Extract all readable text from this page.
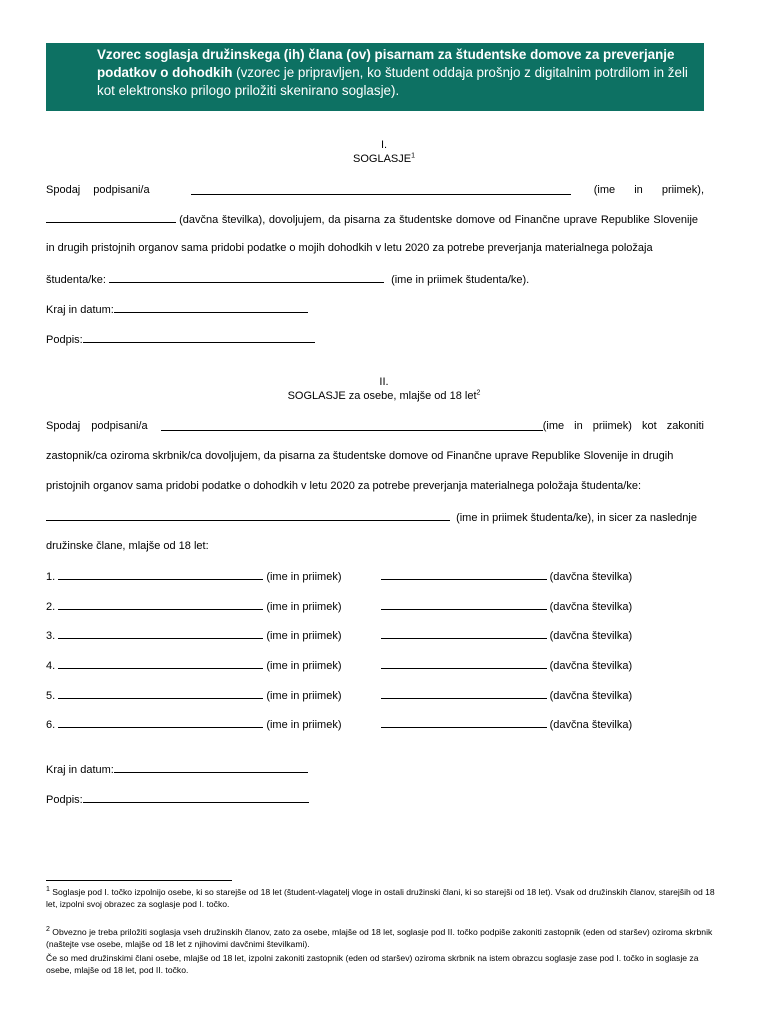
Vzorec soglasja družinskega (ih) člana (ov) pisarnam za študentske domove za preverjanje podatkov o dohodkih (vzorec je pripravljen, ko študent oddaja prošnjo z digitalnim potrdilom in želi kot elektronsko prilogo priložiti skenirano soglasje).
I.
SOGLASJE$^1$
Spodaj podpisani/a	(ime in priimek),
(davčna številka), dovoljujem, da pisarna za študentske domove od Finančne uprave Republike Slovenije
in drugih pristojnih organov sama pridobi podatke o mojih dohodkih v letu 2020 za potrebe preverjanja materialnega položaja
študenta/ke:	(ime in priimek študenta/ke).
Kraj in datum:
Podpis:
II.
SOGLASJE za osebe, mlajše od 18 let$^2$
Spodaj podpisani/a	(ime in priimek) kot zakoniti
zastopnik/ca oziroma skrbnik/ca dovoljujem, da pisarna za študentske domove od Finančne uprave Republike Slovenije in drugih
pristojnih organov sama pridobi podatke o dohodkih v letu 2020 za potrebe preverjanja materialnega položaja študenta/ke:
(ime in priimek študenta/ke), in sicer za naslednje
družinske člane, mlajše od 18 let:
1.	(ime in priimek)	(davčna številka)
2.	(ime in priimek)	(davčna številka)
3.	(ime in priimek)	(davčna številka)
4.	(ime in priimek)	(davčna številka)
5.	(ime in priimek)	(davčna številka)
6.	(ime in priimek)	(davčna številka)
Kraj in datum:
Podpis:
$^1$ Soglasje pod I. točko izpolnijo osebe, ki so starejše od 18 let (študent-vlagatelj vloge in ostali družinski člani, ki so starejši od 18 let). Vsak od družinskih članov, starejših od 18 let, izpolni svoj obrazec za soglasje pod I. točko.
$^2$ Obvezno je treba priložiti soglasja vseh družinskih članov, zato za osebe, mlajše od 18 let, soglasje pod II. točko podpiše zakoniti zastopnik (eden od staršev) oziroma skrbnik (naštejte vse osebe, mlajše od 18 let z njihovimi davčnimi številkami).
Če so med družinskimi člani osebe, mlajše od 18 let, izpolni zakoniti zastopnik (eden od staršev) oziroma skrbnik na istem obrazcu soglasje zase pod I. točko in soglasje za osebe, mlajše od 18 let, pod II. točko.
